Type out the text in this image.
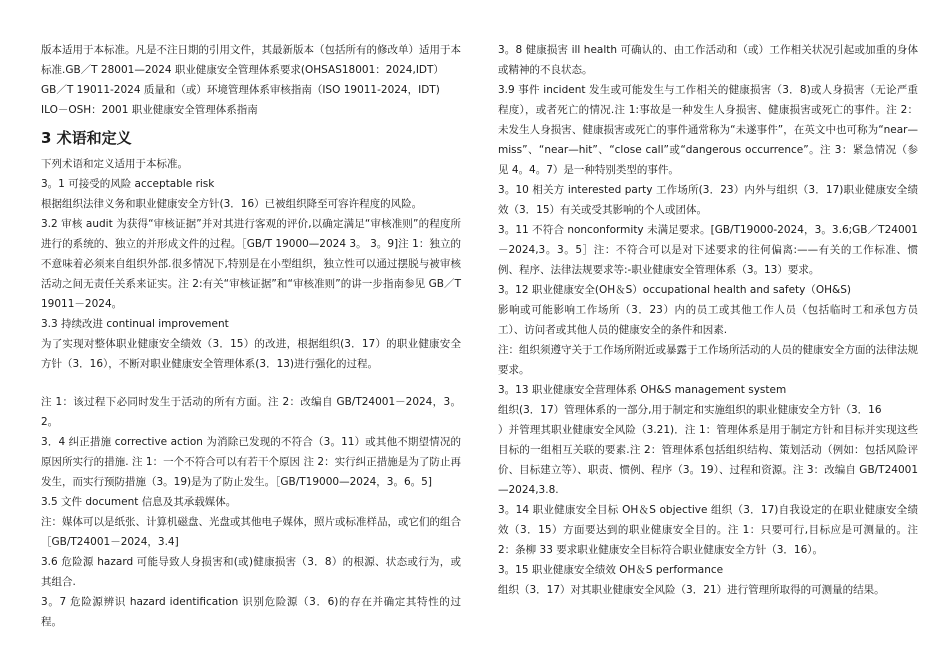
版本适用于本标准。凡是不注日期的引用文件，其最新版本（包括所有的修改单）适用于本标准.GB／T 28001—2024 职业健康安全管理体系要求(OHSAS18001：2024,IDT）

GB／T 19011-2024 质量和（或）环境管理体系审核指南（ISO 19011-2024，IDT)

ILO－OSH：2001 职业健康安全管理体系指南

3 术语和定义

下列术语和定义适用于本标准。

3。1 可接受的风险 acceptable risk

根据组织法律义务和职业健康安全方针(3．16）已被组织降至可容许程度的风险。

3.2 审核 audit 为获得“审核证据”并对其进行客观的评价,以确定满足“审核准则”的程度所进行的系统的、独立的并形成文件的过程。［GB/T 19000—2024 3。 3。9]注 1：独立的不意味着必须来自组织外部.很多情况下,特别是在小型组织，独立性可以通过摆脱与被审核活动之间无责任关系来证实。注 2:有关“审核证据”和“审核准则”的讲一步指南参见 GB／T 19011－2024。

3.3 持续改进 continual improvement

为了实现对整体职业健康安全绩效（3．15）的改进，根据组织(3．17）的职业健康安全方针（3．16），不断对职业健康安全管理体系(3．13)进行强化的过程。

注 1：该过程下必同时发生于活动的所有方面。注 2：改编自 GB/T24001－2024，3。2。

3．4 纠正措施 corrective action 为消除已发现的不符合（3。11）或其他不期望情况的原因所实行的措施. 注 1：一个不符合可以有若干个原因 注 2：实行纠正措施是为了防止再发生，而实行预防措施（3。19)是为了防止发生。［GB/T19000—2024，3。6。5]

3.5 文件 document 信息及其承载媒体。

注：媒体可以是纸张、计算机磁盘、光盘或其他电子媒体，照片或标准样品，或它们的组合［GB/T24001－2024，3.4]

3.6 危险源 hazard 可能导致人身损害和(或)健康损害（3．8）的根源、状态或行为，或其组合.

3。7 危险源辨识 hazard identification 识别危险源（3．6)的存在并确定其特性的过程。

3。8 健康损害 ill health 可确认的、由工作活动和（或）工作相关状况引起或加重的身体或精神的不良状态。

3.9 事件 incident 发生或可能发生与工作相关的健康损害（3．8)或人身损害（无论严重程度），或者死亡的情况.注 1:事故是一种发生人身损害、健康损害或死亡的事件。注 2：未发生人身损害、健康损害或死亡的事件通常称为“未遂事件”，在英文中也可称为“near—miss”、“near—hit”、“close call”或“dangerous occurrence”。注 3：紧急情况（参见 4。4。7）是一种特别类型的事件。

3。10 相关方 interested party 工作场所(3．23）内外与组织（3．17)职业健康安全绩效（3．15）有关或受其影响的个人或团体。

3。11 不符合 nonconformity 未满足要求。[GB/T19000-2024，3。3.6;GB／T24001－2024,3。3。5］注：不符合可以是对下述要求的往何偏离:——有关的工作标准、惯例、程序、法律法规要求等:-职业健康安全管理体系（3。13）要求。

3。12 职业健康安全(OH＆S）occupational health and safety（OH&S)

影响或可能影响工作场所（3．23）内的员工或其他工作人员（包括临时工和承包方员工）、访问者或其他人员的健康安全的条件和因素.

注：组织须遵守关于工作场所附近或暴露于工作场所活动的人员的健康安全方面的法律法规要求。

3。13 职业健康安全营理体系 OH&S management system

组织(3．17）管理体系的一部分,用于制定和实施组织的职业健康安全方针（3．16

）并管理其职业健康安全风险（3.21)．注 1：管理体系是用于制定方针和目标并实现这些目标的一组相互关联的要素.注 2：管理体系包括组织结构、策划活动（例如：包括风险评价、目标建立等）、职责、惯例、程序（3。19）、过程和资源。注 3：改编自 GB/T24001—2024,3.8.

3。14 职业健康安全目标 OH＆S objective 组织（3．17)自我设定的在职业健康安全绩效（3．15）方面要达到的职业健康安全目的。注 1：只要可行,目标应是可测量的。注 2：条柳 33 要求职业健康安全目标符合职业健康安全方针（3．16）。

3。15 职业健康安全绩效 OH＆S performance

组织（3．17）对其职业健康安全风险（3．21）进行管理所取得的可测量的结果。
